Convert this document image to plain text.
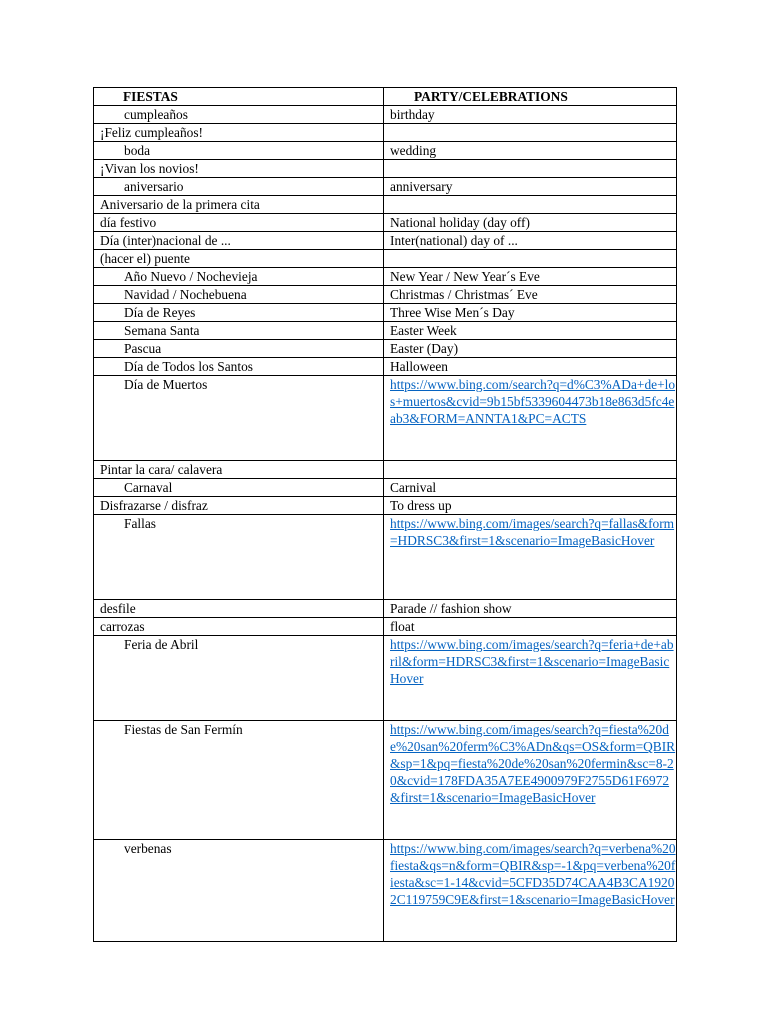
FIESTAS	PARTY/CELEBRATIONS
cumpleaños	birthday
¡Feliz cumpleaños!	
boda	wedding
¡Vivan los novios!	
aniversario	anniversary
Aniversario de la primera cita	
día festivo	National holiday (day off)
Día (inter)nacional de ...	Inter(national) day of ...
(hacer el) puente	
Año Nuevo / Nochevieja	New Year / New Year´s Eve
Navidad / Nochebuena	Christmas / Christmas´ Eve
Día de Reyes	Three Wise Men´s Day
Semana Santa	Easter Week
Pascua	Easter (Day)
Día de Todos los Santos	Halloween
Día de Muertos	https://www.bing.com/search?q=d%C3%ADa+de+los+muertos&cvid=9b15bf5339604473b18e863d5fc4eab3&FORM=ANNTA1&PC=ACTS
Pintar la cara/ calavera	
Carnaval	Carnival
Disfrazarse / disfraz	To dress up
Fallas	https://www.bing.com/images/search?q=fallas&form=HDRSC3&first=1&scenario=ImageBasicHover
desfile	Parade // fashion show
carrozas	float
Feria de Abril	https://www.bing.com/images/search?q=feria+de+abril&form=HDRSC3&first=1&scenario=ImageBasicHover
Fiestas de San Fermín	https://www.bing.com/images/search?q=fiesta%20de%20san%20ferm%C3%ADn&qs=OS&form=QBIR&sp=1&pq=fiesta%20de%20san%20fermin&sc=8-20&cvid=178FDA35A7EE4900979F2755D61F6972&first=1&scenario=ImageBasicHover
verbenas	https://www.bing.com/images/search?q=verbena%20fiesta&qs=n&form=QBIR&sp=-1&pq=verbena%20fiesta&sc=1-14&cvid=5CFD35D74CAA4B3CA19202C119759C9E&first=1&scenario=ImageBasicHover
